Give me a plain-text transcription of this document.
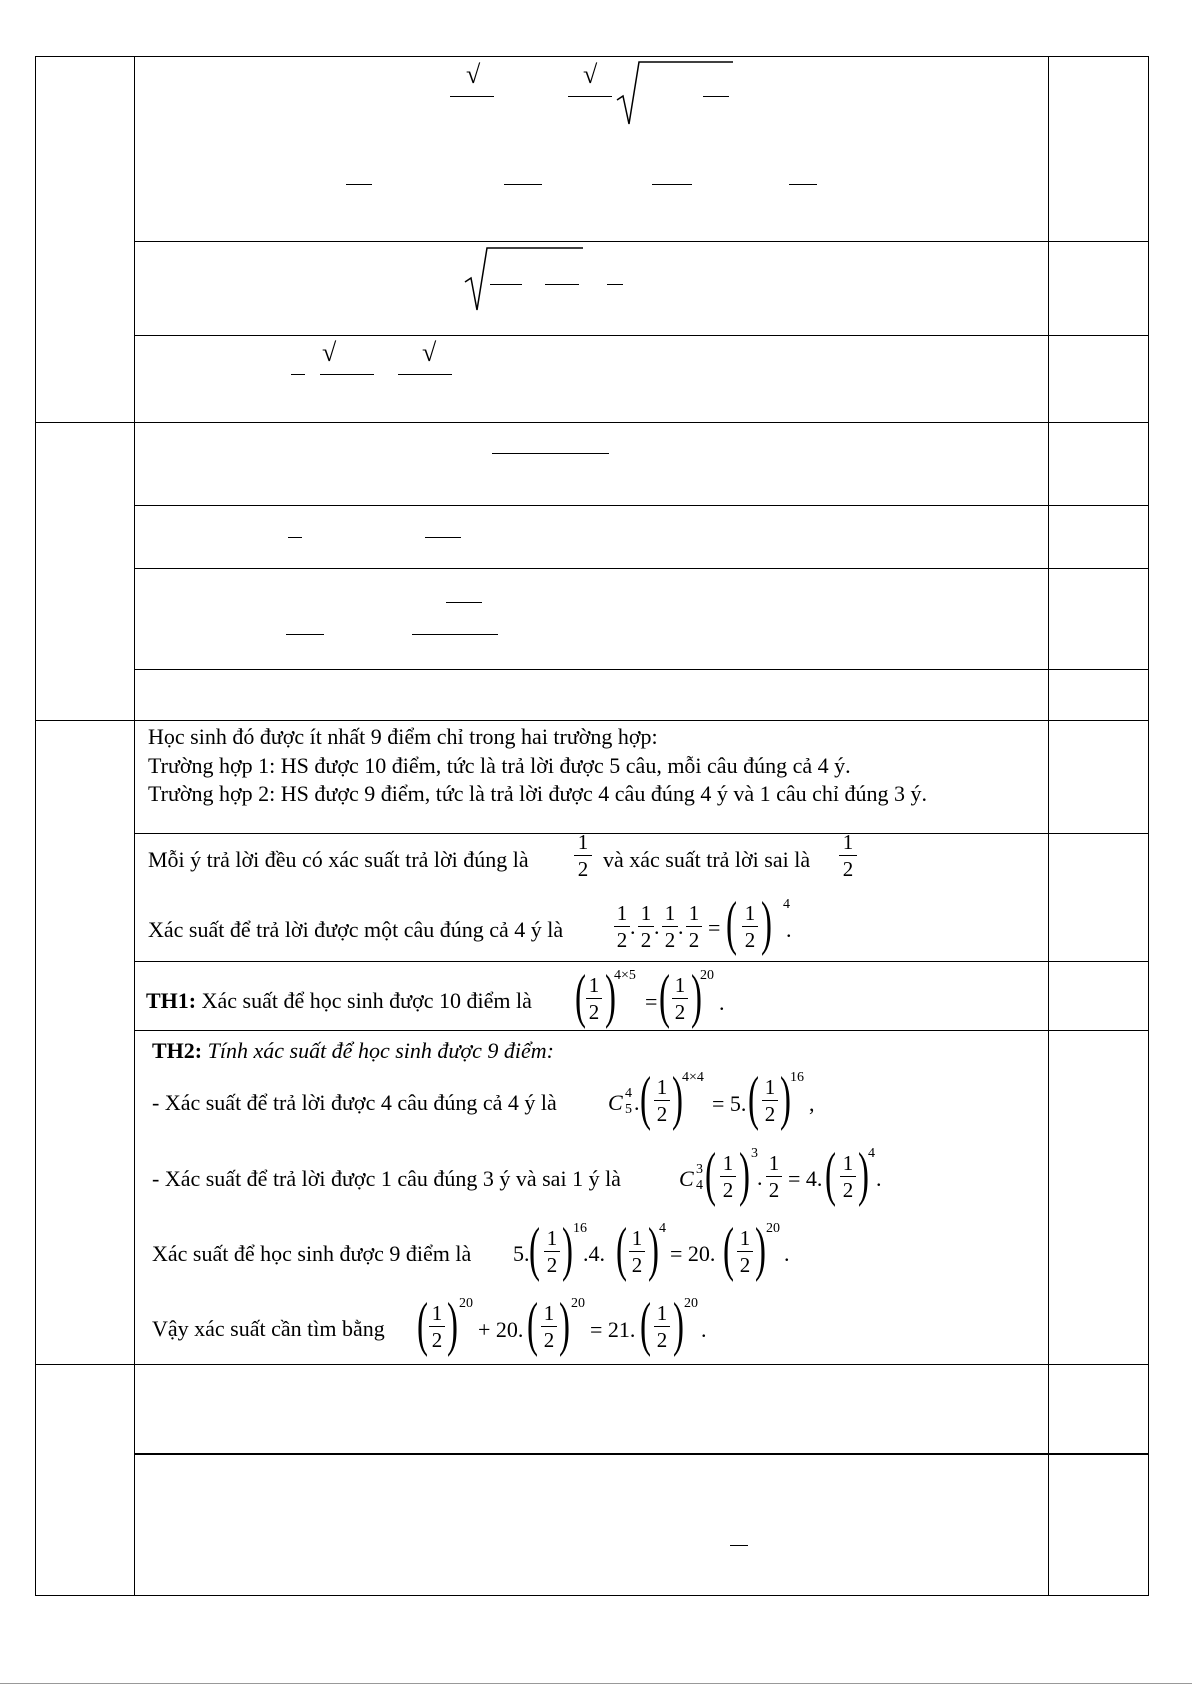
√	√
√	√
Học sinh đó được ít nhất 9 điểm chỉ trong hai trường hợp:
Trường hợp 1: HS được 10 điểm, tức là trả lời được 5 câu, mỗi câu đúng cả 4 ý.
Trường hợp 2: HS được 9 điểm, tức là trả lời được 4 câu đúng 4 ý và 1 câu chỉ đúng 3 ý.
Mỗi ý trả lời đều có xác suất trả lời đúng là
1
2 và xác suất trả lời sai là
1
2
Xác suất để trả lời được một câu đúng cả 4 ý là
1
2
.
1
2
.
1
2
.
1
2 = ( 1
2 ) 4
.
TH1: Xác suất để học sinh được 10 điểm là ( 1
2 )
4×5
= ( 1
2 )
20
.
TH2: Tính xác suất để học sinh được 9 điểm:
- Xác suất để trả lời được 4 câu đúng cả 4 ý là C 4
5 . ( 1
2 ) 4×4
= 5. ( 1
2 ) 16
,
- Xác suất để trả lời được 1 câu đúng 3 ý và sai 1 ý là	C 3
4 ( 1
2 ) 3
.
1
2 = 4. ( 1
2 ) 4
.
Xác suất để học sinh được 9 điểm là 5. ( 1
2 ) 16
.4. ( 1
2 ) 4
= 20. ( 1
2 ) 20
.
Vậy xác suất cần tìm bằng ( 1
2 ) 20
+ 20. ( 1
2 ) 20
= 21. ( 1
2 ) 20
.
